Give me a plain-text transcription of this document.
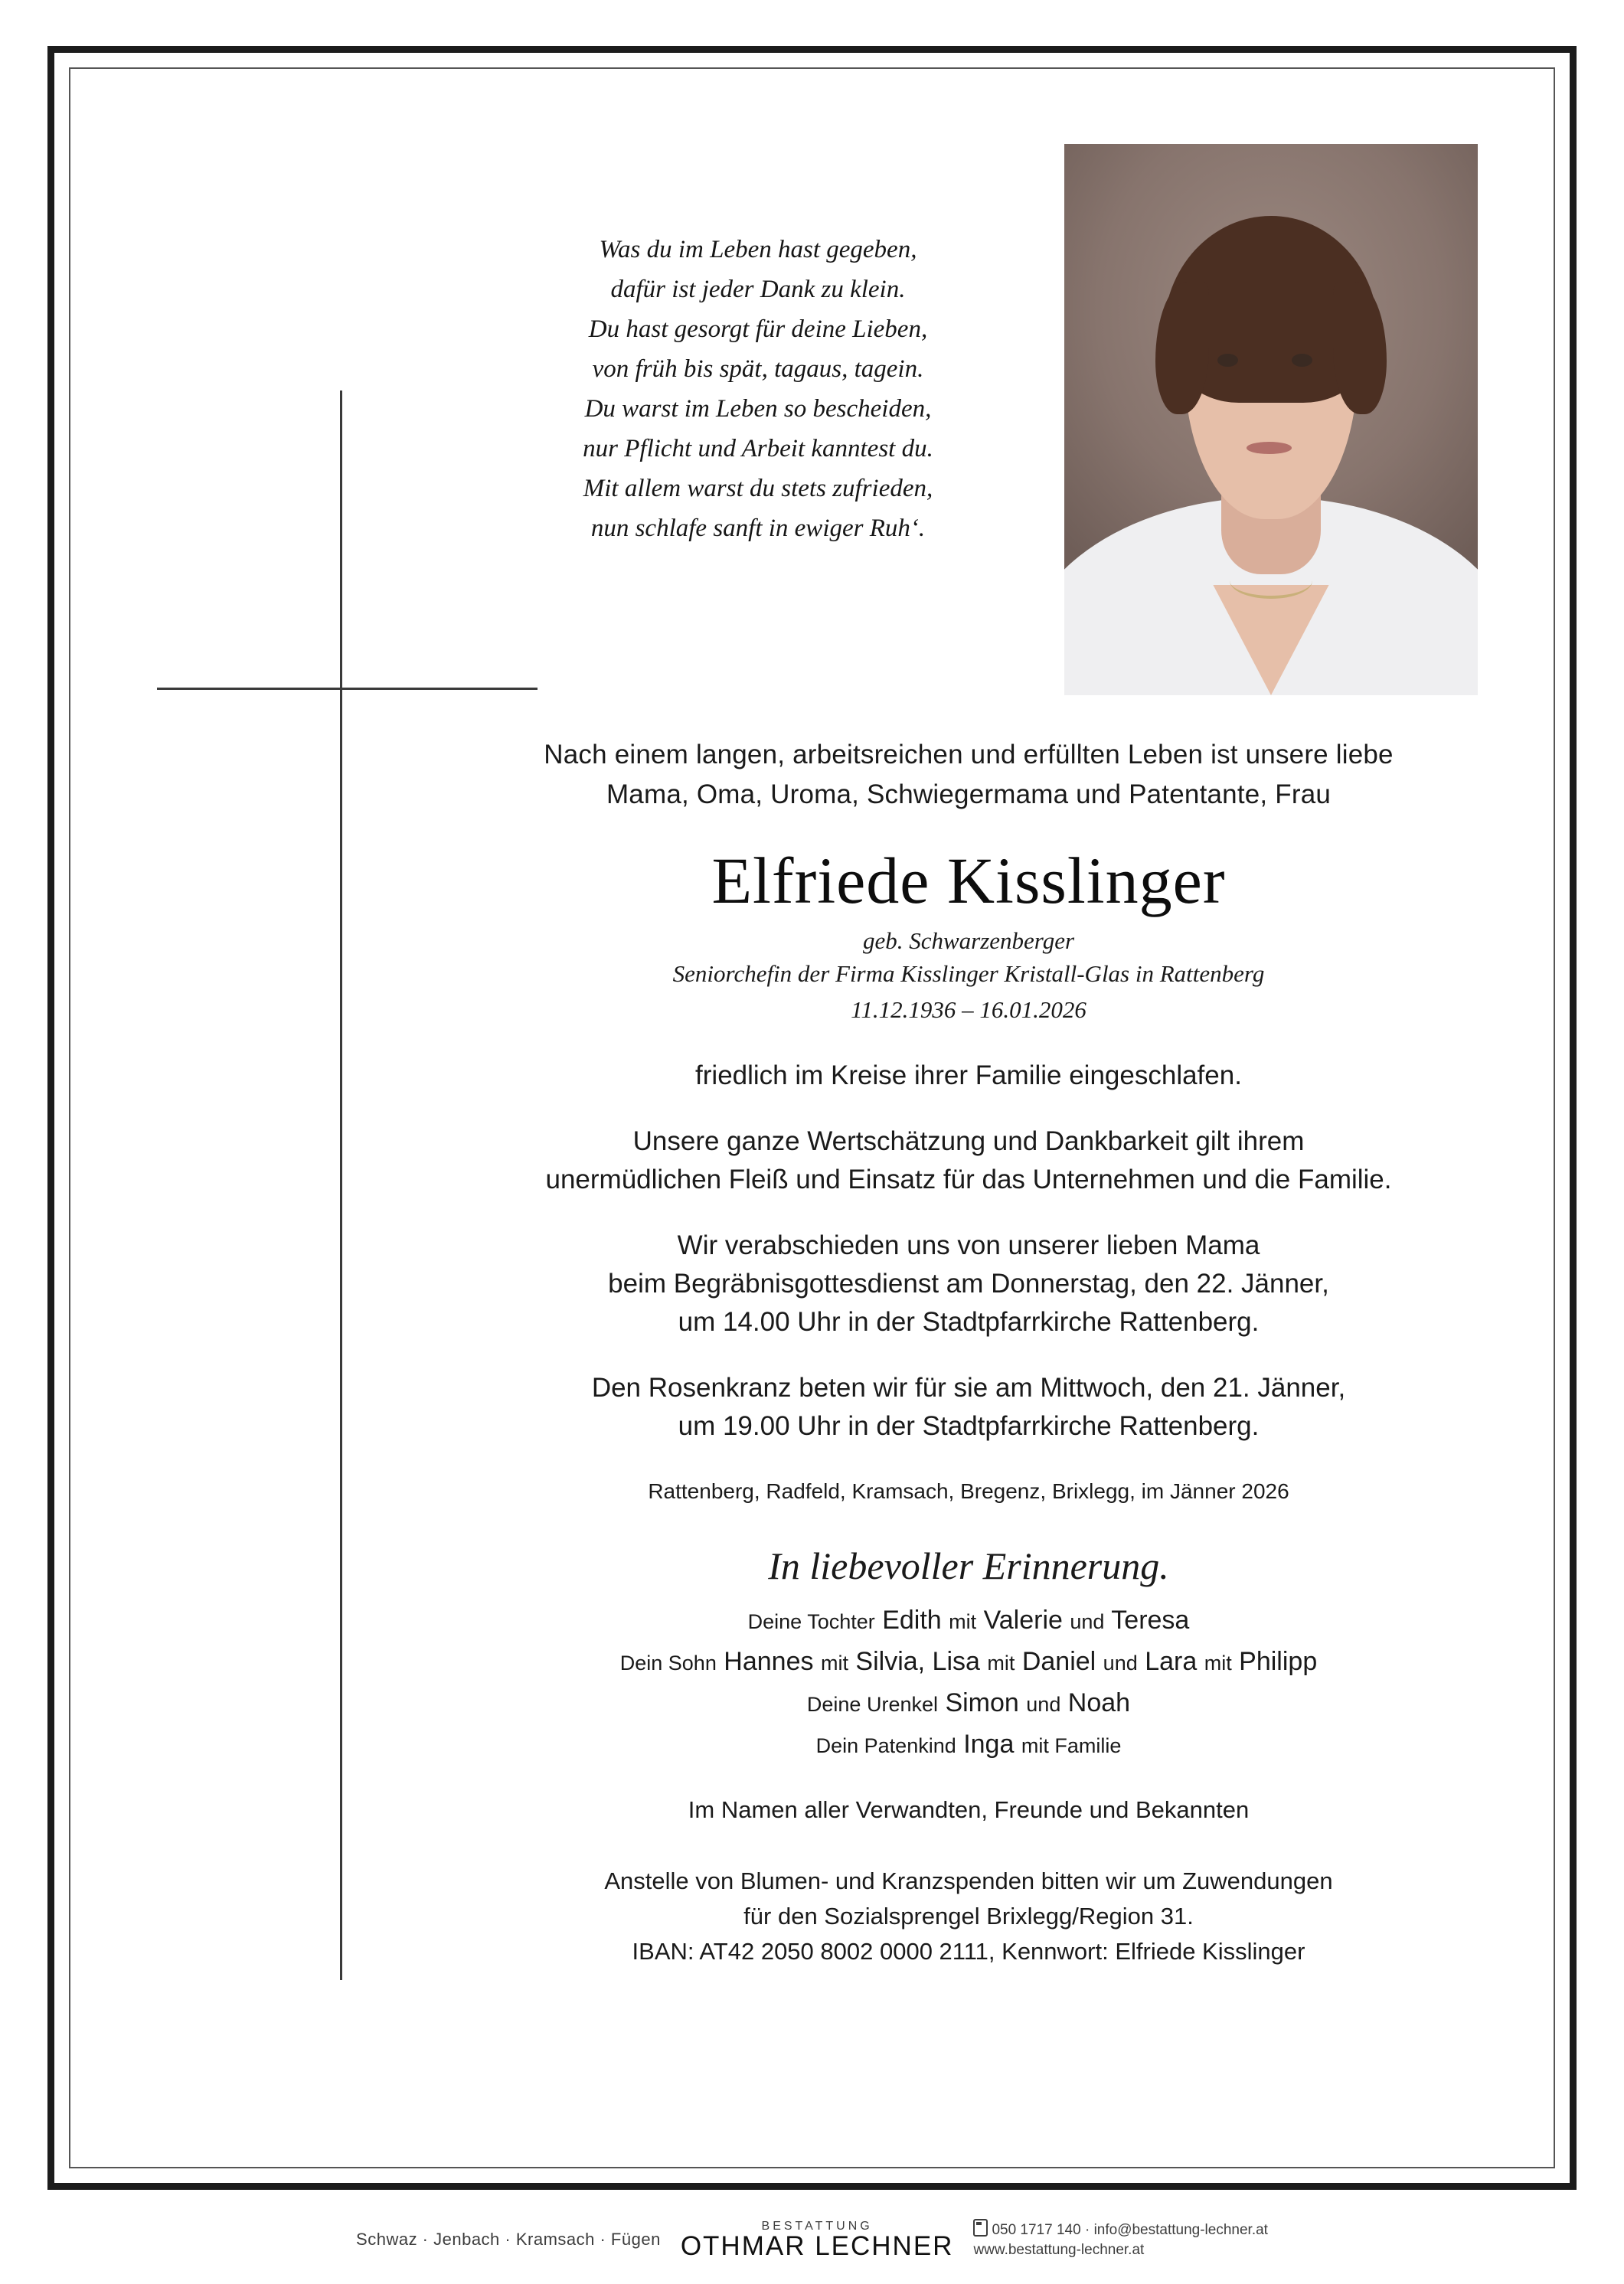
Was du im Leben hast gegeben,
dafür ist jeder Dank zu klein.
Du hast gesorgt für deine Lieben,
von früh bis spät, tagaus, tagein.
Du warst im Leben so bescheiden,
nur Pflicht und Arbeit kanntest du.
Mit allem warst du stets zufrieden,
nun schlafe sanft in ewiger Ruh‘.
Nach einem langen, arbeitsreichen und erfüllten Leben ist unsere liebe
Mama, Oma, Uroma, Schwiegermama und Patentante, Frau
Elfriede Kisslinger
geb. Schwarzenberger
Seniorchefin der Firma Kisslinger Kristall-Glas in Rattenberg
11.12.1936 – 16.01.2026
friedlich im Kreise ihrer Familie eingeschlafen.
Unsere ganze Wertschätzung und Dankbarkeit gilt ihrem
unermüdlichen Fleiß und Einsatz für das Unternehmen und die Familie.
Wir verabschieden uns von unserer lieben Mama
beim Begräbnisgottesdienst am Donnerstag, den 22. Jänner,
um 14.00 Uhr in der Stadtpfarrkirche Rattenberg.
Den Rosenkranz beten wir für sie am Mittwoch, den 21. Jänner,
um 19.00 Uhr in der Stadtpfarrkirche Rattenberg.
Rattenberg, Radfeld, Kramsach, Bregenz, Brixlegg, im Jänner 2026
In liebevoller Erinnerung.
Deine Tochter Edith mit Valerie und Teresa
Dein Sohn Hannes mit Silvia, Lisa mit Daniel und Lara mit Philipp
Deine Urenkel Simon und Noah
Dein Patenkind Inga mit Familie
Im Namen aller Verwandten, Freunde und Bekannten
Anstelle von Blumen- und Kranzspenden bitten wir um Zuwendungen
für den Sozialsprengel Brixlegg/Region 31.
IBAN: AT42 2050 8002 0000 2111, Kennwort: Elfriede Kisslinger
Schwaz · Jenbach · Kramsach · Fügen
BESTATTUNG
OTHMAR LECHNER
050 1717 140 · info@bestattung-lechner.at
www.bestattung-lechner.at
